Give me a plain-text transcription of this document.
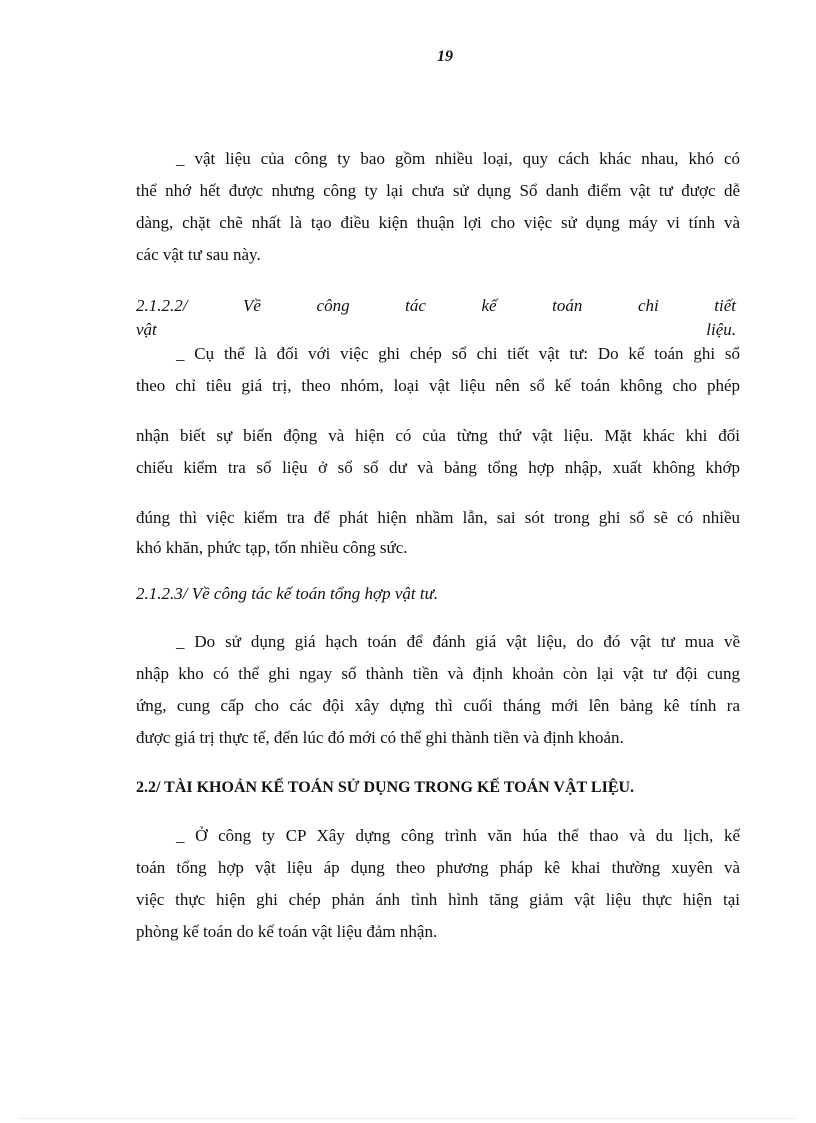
19
_ vật liệu của công ty bao gồm nhiều loại, quy cách khác nhau, khó có
thể nhớ hết được nhưng công ty lại chưa sử dụng Sổ danh điểm vật tư được dễ
dàng, chặt chẽ nhất là tạo điều kiện thuận lợi cho việc sử dụng máy vi tính và
các vật tư sau này.
2.1.2.2/ Về công tác kế toán chi tiết vật liệu.
_ Cụ thể là đối với việc ghi chép sổ chi tiết vật tư: Do kế toán ghi sổ
theo chỉ tiêu giá trị, theo nhóm, loại vật liệu nên sổ kế toán không cho phép
nhận biết sự biến động và hiện có của từng thứ vật liệu. Mặt khác khi đối
chiếu kiểm tra số liệu ở sổ số dư và bảng tổng hợp nhập, xuất không khớp
đúng thì việc kiểm tra để phát hiện nhầm lẫn, sai sót trong ghi sổ sẽ có nhiều
khó khăn, phức tạp, tốn nhiều công sức.
2.1.2.3/ Về công tác kế toán tổng hợp vật tư.
_ Do sử dụng giá hạch toán để đánh giá vật liệu, do đó vật tư mua về
nhập kho có thể ghi ngay số thành tiền và định khoản còn lại vật tư đội cung
ứng, cung cấp cho các đội xây dựng thì cuối tháng mới lên bảng kê tính ra
được giá trị thực tế, đến lúc đó mới có thể ghi thành tiền và định khoản.
2.2/ TÀI KHOẢN KẾ TOÁN SỬ DỤNG TRONG KẾ TOÁN VẬT LIỆU.
_ Ở công ty CP Xây dựng công trình văn húa thể thao và du lịch, kế
toán tổng hợp vật liệu áp dụng theo phương pháp kê khai thường xuyên và
việc thực hiện ghi chép phản ánh tình hình tăng giảm vật liệu thực hiện tại
phòng kế toán do kế toán vật liệu đảm nhận.
